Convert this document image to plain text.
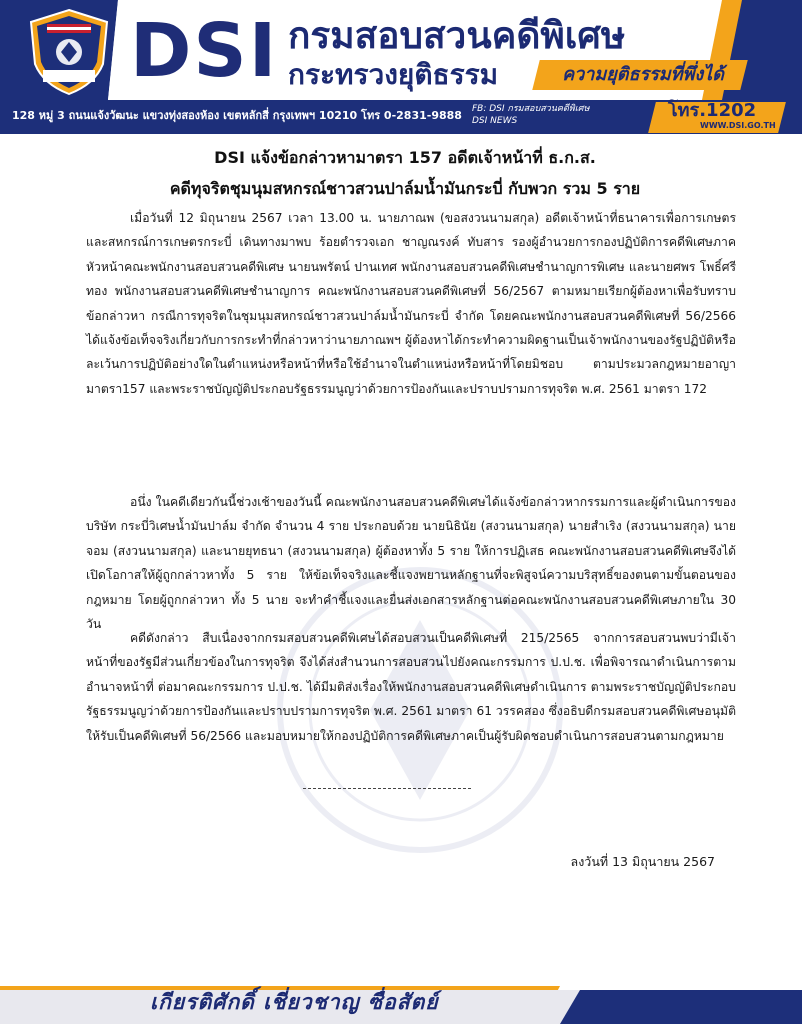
DSI กรมสอบสวนคดีพิเศษ
กระทรวงยุติธรรม	ความยุติธรรมที่พึ่งได้
128 หมู่ 3 ถนนแจ้งวัฒนะ แขวงทุ่งสองห้อง เขตหลักสี่ กรุงเทพฯ 10210 โทร 0-2831-9888 FB: DSI กรมสอบสวนคดีพิเศษ
DSI NEWS	โทร.1202
WWW.DSI.GO.TH
DSI แจ้งข้อกล่าวหามาตรา 157 อดีตเจ้าหน้าที่ ธ.ก.ส.
คดีทุจริตชุมนุมสหกรณ์ชาวสวนปาล์มน้ำมันกระบี่ กับพวก รวม 5 ราย
เมื่อวันที่ 12 มิถุนายน 2567 เวลา 13.00 น. นายภาณพ (ขอสงวนนามสกุล) อดีตเจ้าหน้าที่ธนาคารเพื่อการเกษตรและสหกรณ์การเกษตรกระบี่ เดินทางมาพบ ร้อยตำรวจเอก ชาญณรงค์ ทับสาร รองผู้อำนวยการกองปฏิบัติการคดีพิเศษภาค หัวหน้าคณะพนักงานสอบสวนคดีพิเศษ นายนพรัตน์ ปานเทศ พนักงานสอบสวนคดีพิเศษชำนาญการพิเศษ และนายศพร โพธิ์ศรีทอง พนักงานสอบสวนคดีพิเศษชำนาญการ คณะพนักงานสอบสวนคดีพิเศษที่ 56/2567 ตามหมายเรียกผู้ต้องหาเพื่อรับทราบข้อกล่าวหา กรณีการทุจริตในชุมนุมสหกรณ์ชาวสวนปาล์มน้ำมันกระบี่ จำกัด โดยคณะพนักงานสอบสวนคดีพิเศษที่ 56/2566 ได้แจ้งข้อเท็จจริงเกี่ยวกับการกระทำที่กล่าวหาว่านายภาณพฯ ผู้ต้องหาได้กระทำความผิดฐานเป็นเจ้าพนักงานของรัฐปฏิบัติหรือละเว้นการปฏิบัติอย่างใดในตำแหน่งหรือหน้าที่หรือใช้อำนาจในตำแหน่งหรือหน้าที่โดยมิชอบ ตามประมวลกฎหมายอาญา มาตรา157 และพระราชบัญญัติประกอบรัฐธรรมนูญว่าด้วยการป้องกันและปราบปรามการทุจริต พ.ศ. 2561 มาตรา 172
อนึ่ง ในคดีเดียวกันนี้ช่วงเช้าของวันนี้ คณะพนักงานสอบสวนคดีพิเศษได้แจ้งข้อกล่าวหากรรมการและผู้ดำเนินการของบริษัท กระบี่วิเศษน้ำมันปาล์ม จำกัด จำนวน 4 ราย ประกอบด้วย นายนิธินัย (สงวนนามสกุล) นายสำเริง (สงวนนามสกุล) นายจอม (สงวนนามสกุล) และนายยุทธนา (สงวนนามสกุล) ผู้ต้องหาทั้ง 5 ราย ให้การปฏิเสธ คณะพนักงานสอบสวนคดีพิเศษจึงได้เปิดโอกาสให้ผู้ถูกกล่าวหาทั้ง 5 ราย ให้ข้อเท็จจริงและชี้แจงพยานหลักฐานที่จะพิสูจน์ความบริสุทธิ์ของตนตามขั้นตอนของกฎหมาย โดยผู้ถูกกล่าวหา ทั้ง 5 นาย จะทำคำชี้แจงและยื่นส่งเอกสารหลักฐานต่อคณะพนักงานสอบสวนคดีพิเศษภายใน 30 วัน
คดีดังกล่าว สืบเนื่องจากกรมสอบสวนคดีพิเศษได้สอบสวนเป็นคดีพิเศษที่ 215/2565 จากการสอบสวนพบว่ามีเจ้าหน้าที่ของรัฐมีส่วนเกี่ยวข้องในการทุจริต จึงได้ส่งสำนวนการสอบสวนไปยังคณะกรรมการ ป.ป.ช. เพื่อพิจารณาดำเนินการตามอำนาจหน้าที่ ต่อมาคณะกรรมการ ป.ป.ช. ได้มีมติส่งเรื่องให้พนักงานสอบสวนคดีพิเศษดำเนินการ ตามพระราชบัญญัติประกอบรัฐธรรมนูญว่าด้วยการป้องกันและปราบปรามการทุจริต พ.ศ. 2561 มาตรา 61 วรรคสอง ซึ่งอธิบดีกรมสอบสวนคดีพิเศษอนุมัติให้รับเป็นคดีพิเศษที่ 56/2566 และมอบหมายให้กองปฏิบัติการคดีพิเศษภาคเป็นผู้รับผิดชอบดำเนินการสอบสวนตามกฎหมาย
ลงวันที่ 13 มิถุนายน 2567
เกียรติศักดิ์ เชี่ยวชาญ ซื่อสัตย์
